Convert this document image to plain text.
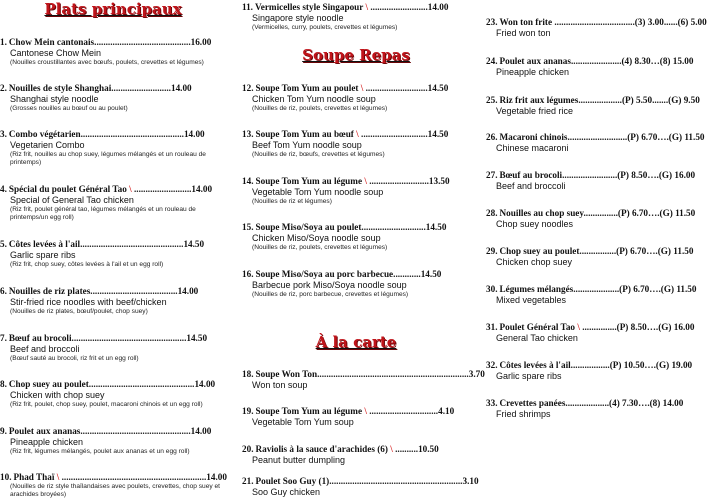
Plats principaux
1. Chow Mein cantonais..........................................16.00
Cantonese Chow Mein
(Nouilles croustillantes avec bœufs, poulets, crevettes et légumes)
2. Nouilles de style Shanghai..........................14.00
Shanghai style noodle
(Grosses nouilles au bœuf ou au poulet)
3. Combo végétarien.............................................14.00
Vegetarien Combo
(Riz frit, nouilles au chop suey, légumes mélangés et un rouleau de printemps)
4. Spécial du poulet Général Tao \ .........................14.00
Special of General Tao chicken
(Riz frit, poulet général tao, légumes mélangés et un rouleau de printemps/un egg roll)
5. Côtes levées à l'ail.............................................14.50
Garlic spare ribs
(Riz frit, chop suey, côtes levées à l'ail et un egg roll)
6. Nouilles de riz plates......................................14.00
Stir-fried rice noodles with beef/chicken
(Nouilles de riz plates, bœuf/poulet, chop suey)
7. Bœuf au brocoli..................................................14.50
Beef and broccoli
(Bœuf sauté au brocoli, riz frit et un egg roll)
8. Chop suey au poulet..............................................14.00
Chicken with chop suey
(Riz frit, poulet, chop suey, poulet, macaroni chinois et un egg roll)
9. Poulet aux ananas................................................14.00
Pineapple chicken
(Riz frit, légumes mélangés, poulet aux ananas et un egg roll)
10. Phad Thaï \ ...............................................................14.00
(Nouilles de riz style thaïlandaises avec poulets, crevettes, chop suey et arachides broyées)
11. Vermicelles style Singapour \ .........................14.00
Singapore style noodle
(Vermicelles, curry, poulets, crevettes et légumes)
Soupe Repas
12. Soupe Tom Yum au poulet \ ...........................14.50
Chicken Tom Yum noodle soup
(Nouilles de riz, poulets, crevettes et légumes)
13. Soupe Tom Yum au bœuf \ .............................14.50
Beef Tom Yum noodle soup
(Nouilles de riz, bœufs, crevettes et légumes)
14. Soupe Tom Yum au légume \ ..........................13.50
Vegetable Tom Yum noodle soup
(Nouilles de riz et légumes)
15. Soupe Miso/Soya au poulet............................14.50
Chicken Miso/Soya noodle soup
(Nouilles de riz, poulets, crevettes et légumes)
16. Soupe Miso/Soya au porc barbecue............14.50
Barbecue pork Miso/Soya noodle soup
(Nouilles de riz, porc barbecue, crevettes et légumes)
À la carte
18. Soupe Won Ton..................................................................3.70
Won ton soup
19. Soupe Tom Yum au légume \ ..............................4.10
Vegetable Tom Yum soup
20. Raviolis à la sauce d'arachides (6) \ ..........10.50
Peanut butter dumpling
21. Poulet Soo Guy (1)..........................................................3.10
Soo Guy chicken
23. Won ton frite ...................................(3) 3.00......(6) 5.00
Fried won ton
24. Poulet aux ananas......................(4) 8.30…(8) 15.00
Pineapple chicken
25. Riz frit aux légumes...................(P) 5.50.......(G) 9.50
Vegetable fried rice
26. Macaroni chinois..........................(P) 6.70….(G) 11.50
Chinese macaroni
27. Bœuf au brocoli........................(P) 8.50….(G) 16.00
Beef and broccoli
28. Nouilles au chop suey...............(P) 6.70….(G) 11.50
Chop suey noodles
29. Chop suey au poulet................(P) 6.70….(G) 11.50
Chicken chop suey
30. Légumes mélangés....................(P) 6.70….(G) 11.50
Mixed vegetables
31. Poulet Général Tao \ ...............(P) 8.50….(G) 16.00
General Tao chicken
32. Côtes levées à l'ail.................(P) 10.50….(G) 19.00
Garlic spare ribs
33. Crevettes panées...................(4) 7.30….(8) 14.00
Fried shrimps
